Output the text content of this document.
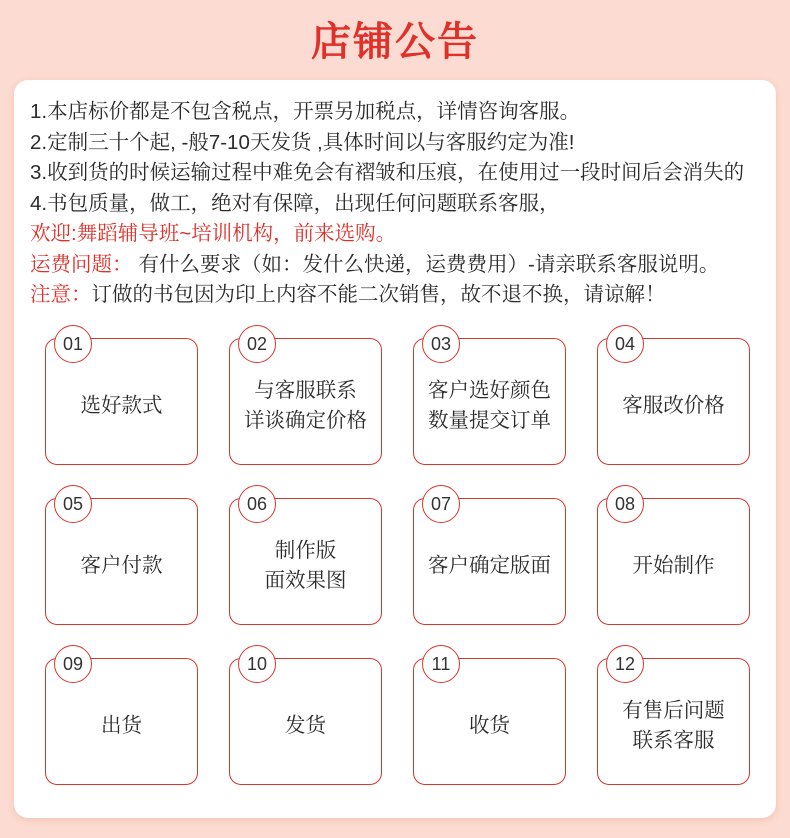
店铺公告
1.本店标价都是不包含税点，开票另加税点，详情咨询客服。
2.定制三十个起, -般7-10天发货 ,具体时间以与客服约定为准!
3.收到货的时候运输过程中难免会有褶皱和压痕，在使用过一段时间后会消失的
4.书包质量，做工，绝对有保障，出现任何问题联系客服，
欢迎:舞蹈辅导班~培训机构，前来选购。
运费问题： 有什么要求（如：发什么快递，运费费用）-请亲联系客服说明。
注意：订做的书包因为印上内容不能二次销售，故不退不换，请谅解！
01
选好款式
02
与客服联系
详谈确定价格
03
客户选好颜色
数量提交订单
04
客服改价格
05
客户付款
06
制作版
面效果图
07
客户确定版面
08
开始制作
09
出货
10
发货
11
收货
12
有售后问题
联系客服
